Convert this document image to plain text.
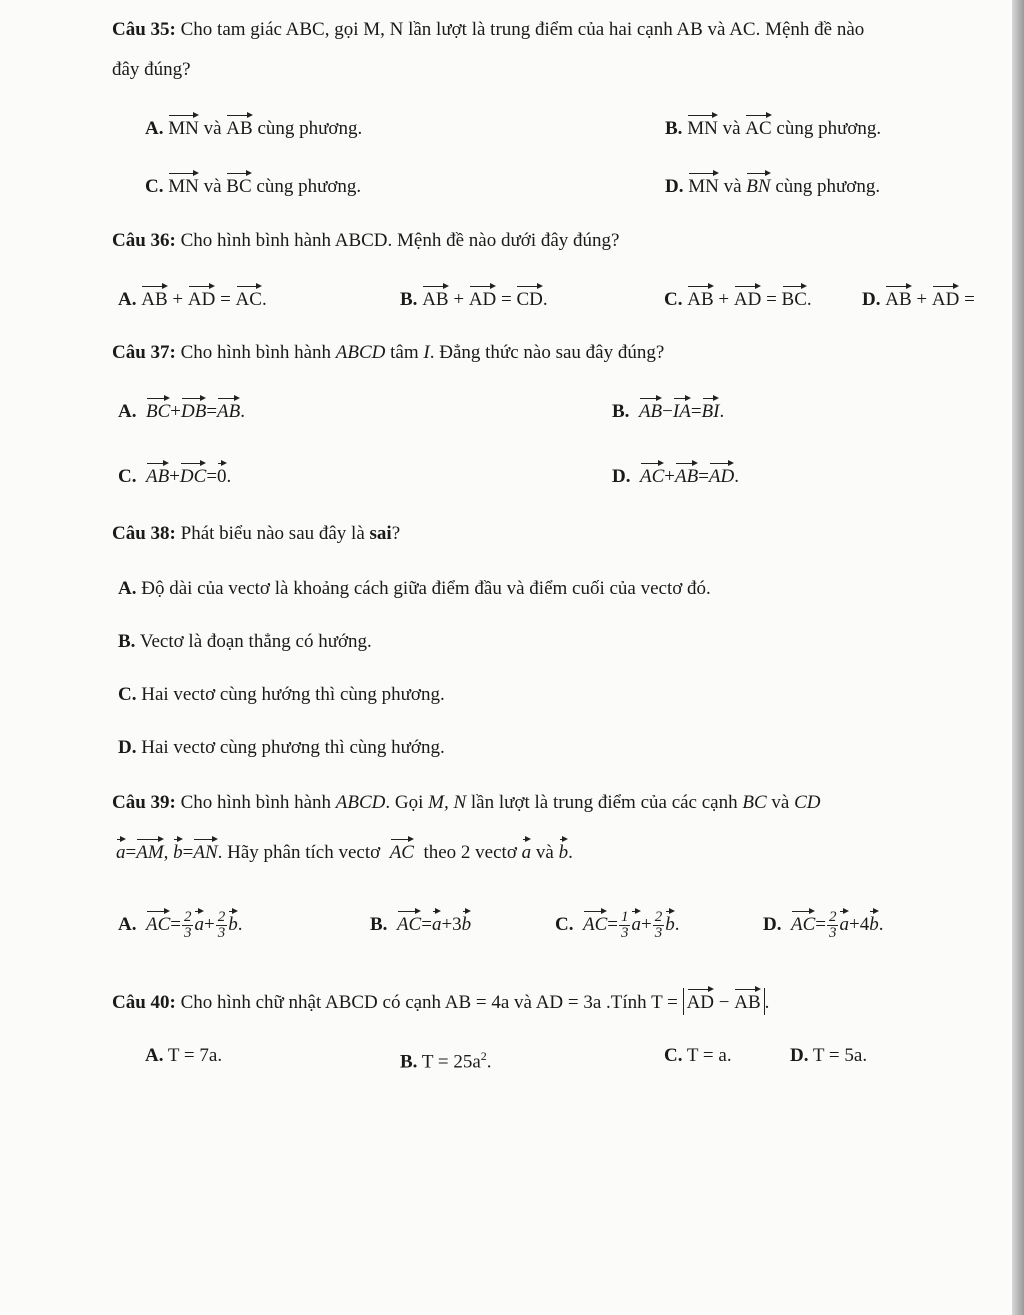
Câu 35: Cho tam giác ABC, gọi M, N lần lượt là trung điểm của hai cạnh AB và AC. Mệnh đề nào
đây đúng?
A. MN và AB cùng phương.	B. MN và AC cùng phương.
C. MN và BC cùng phương.	D. MN và BN cùng phương.
Câu 36: Cho hình bình hành ABCD. Mệnh đề nào dưới đây đúng?
A. AB + AD = AC.	B. AB + AD = CD.	C. AB + AD = BC.	D. AB + AD =
Câu 37: Cho hình bình hành ABCD tâm I. Đẳng thức nào sau đây đúng?
A. BC+DB=AB.	B. AB−IA=BI.
C. AB+DC=0.	D. AC+AB=AD.
Câu 38: Phát biểu nào sau đây là sai?
A. Độ dài của vectơ là khoảng cách giữa điểm đầu và điểm cuối của vectơ đó.
B. Vectơ là đoạn thẳng có hướng.
C. Hai vectơ cùng hướng thì cùng phương.
D. Hai vectơ cùng phương thì cùng hướng.
Câu 39: Cho hình bình hành ABCD. Gọi M, N lần lượt là trung điểm của các cạnh BC và CD
a=AM, b=AN. Hãy phân tích vectơ AC theo 2 vectơ a và b.
A. $AC= \frac{2}{3} a+ \frac{2}{3} b$.	B. AC=a+3b	C. $AC= \frac{1}{3} a+ \frac{2}{3} b$.	D. $AC= \frac{2}{3} a+4b$.
Câu 40: Cho hình chữ nhật ABCD có cạnh AB = 4a và AD = 3a .Tính T = AD − AB .
A. T = 7a.	B. $T = 25a^2$.	C. T = a.	D. T = 5a.
